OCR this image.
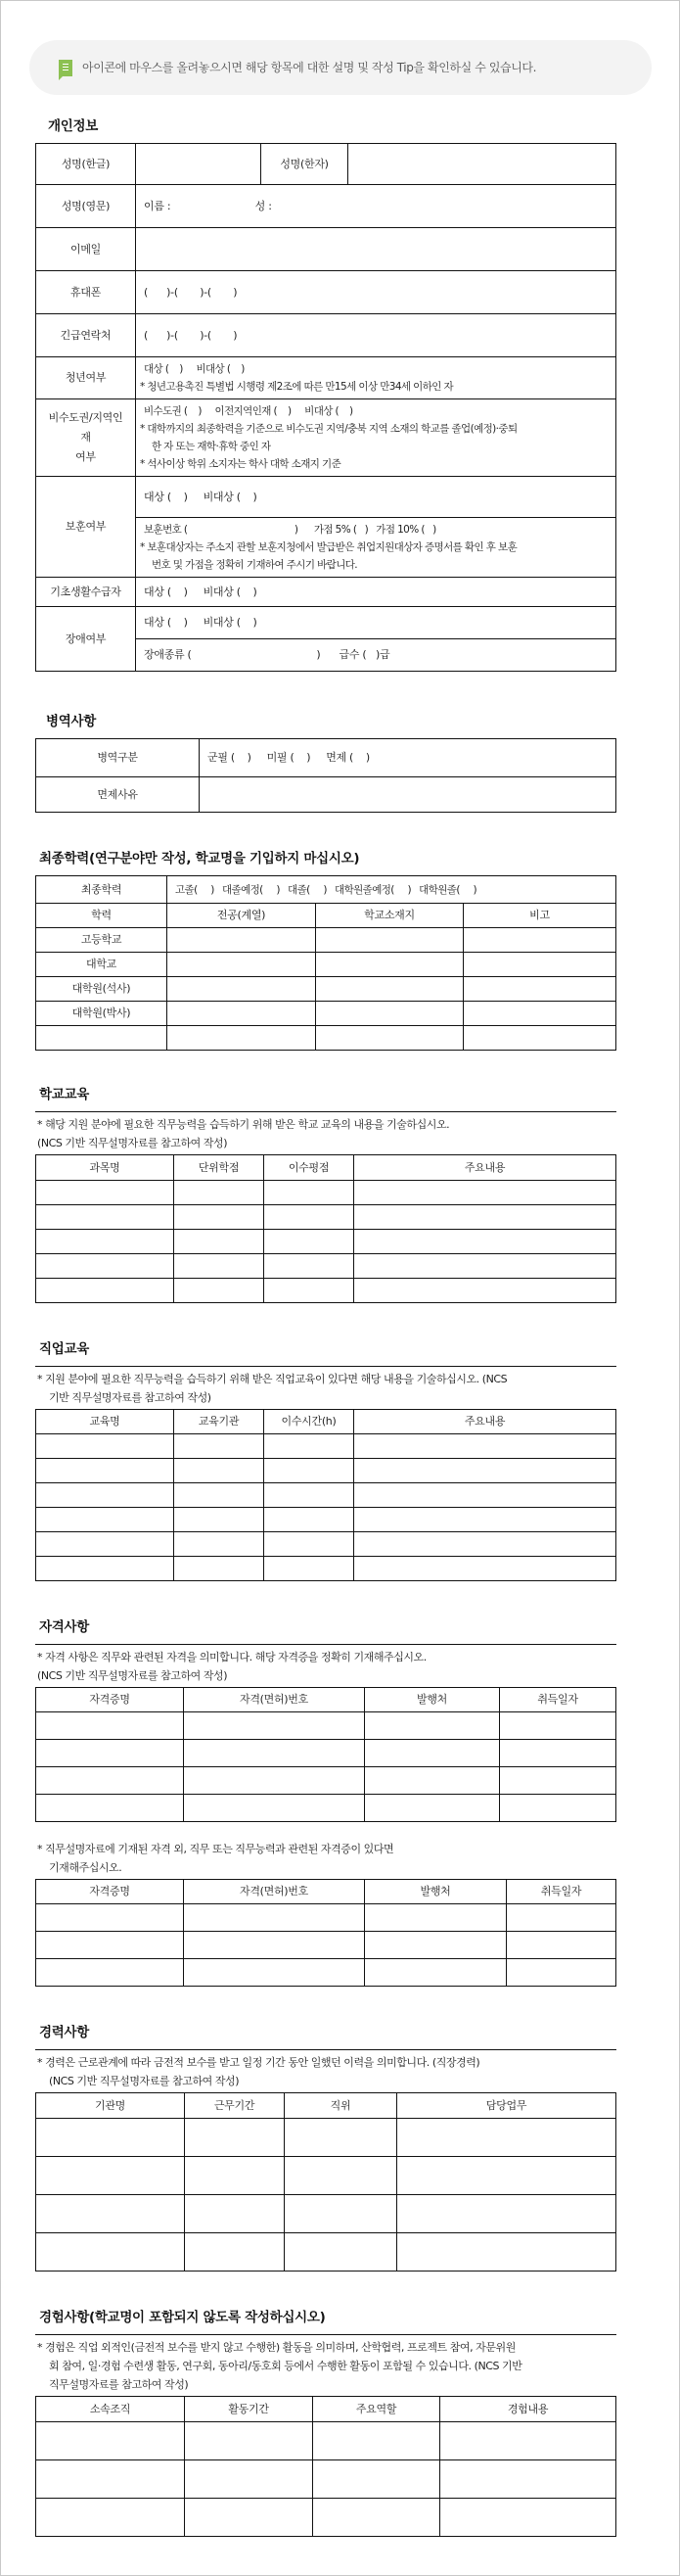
아이콘에 마우스를 올려놓으시면 해당 항목에 대한 설명 및 작성 Tip을 확인하실 수 있습니다.
개인정보
성명(한글)		성명(한자)	
성명(영문)	이름 : 성 :		
이메일			
휴대폰	(      )-(       )-(       )		
긴급연락처	(      )-(       )-(       )		
청년여부	대상 (    )     비대상 (    )
* 청년고용촉진 특별법 시행령 제2조에 따른 만15세 이상 만34세 이하인 자		

비수도권/지역인
재
여부	비수도권 (    )     이전지역인재 (    )     비대상 (    )
* 대학까지의 최종학력을 기준으로 비수도권 지역/충북 지역 소재의 학교를 졸업(예정)·중퇴
한 자 또는 재학·휴학 중인 자
* 석사이상 학위 소지자는 학사 대학 소재지 기준		

보훈여부	대상 (    )     비대상 (    )		

	보훈번호 (                                        )      가점 5% (   )   가점 10% (   )
* 보훈대상자는 주소지 관할 보훈지청에서 발급받은 취업지원대상자 증명서를 확인 후 보훈
번호 및 가점을 정확히 기재하여 주시기 바랍니다.		

기초생활수급자	대상 (    )     비대상 (    )		
장애여부	대상 (    )     비대상 (    )		
	장애종류 (                                        )      급수 (   )급		
병역사항
병역구분	군필 (    )     미필 (    )     면제 (    )
면제사유	
최종학력(연구분야만 작성, 학교명을 기입하지 마십시오)
최종학력	고졸(     )   대졸예정(     )   대졸(     )   대학원졸예정(     )   대학원졸(     )		
학력	전공(계열)	학교소재지	비고
고등학교			
대학교			
대학원(석사)			
대학원(박사)			

학교교육
* 해당 지원 분야에 필요한 직무능력을 습득하기 위해 받은 학교 교육의 내용을 기술하십시오.
(NCS 기반 직무설명자료를 참고하여 작성)
과목명	단위학점	이수평점	주요내용

직업교육
* 지원 분야에 필요한 직무능력을 습득하기 위해 받은 직업교육이 있다면 해당 내용을 기술하십시오. (NCS
기반 직무설명자료를 참고하여 작성)
교육명	교육기관	이수시간(h)	주요내용

자격사항
* 자격 사항은 직무와 관련된 자격을 의미합니다. 해당 자격증을 정확히 기재해주십시오.
(NCS 기반 직무설명자료를 참고하여 작성)
자격증명	자격(면허)번호	발행처	취득일자

* 직무설명자료에 기재된 자격 외, 직무 또는 직무능력과 관련된 자격증이 있다면
기재해주십시오.
자격증명	자격(면허)번호	발행처	취득일자

경력사항
* 경력은 근로관계에 따라 금전적 보수를 받고 일정 기간 동안 일했던 이력을 의미합니다. (직장경력)
(NCS 기반 직무설명자료를 참고하여 작성)
기관명	근무기간	직위	담당업무

경험사항(학교명이 포함되지 않도록 작성하십시오)
* 경험은 직업 외적인(금전적 보수를 받지 않고 수행한) 활동을 의미하며, 산학협력, 프로젝트 참여, 자문위원
회 참여, 일·경험 수련생 활동, 연구회, 동아리/동호회 등에서 수행한 활동이 포함될 수 있습니다. (NCS 기반
직무설명자료를 참고하여 작성)
소속조직	활동기간	주요역할	경험내용
